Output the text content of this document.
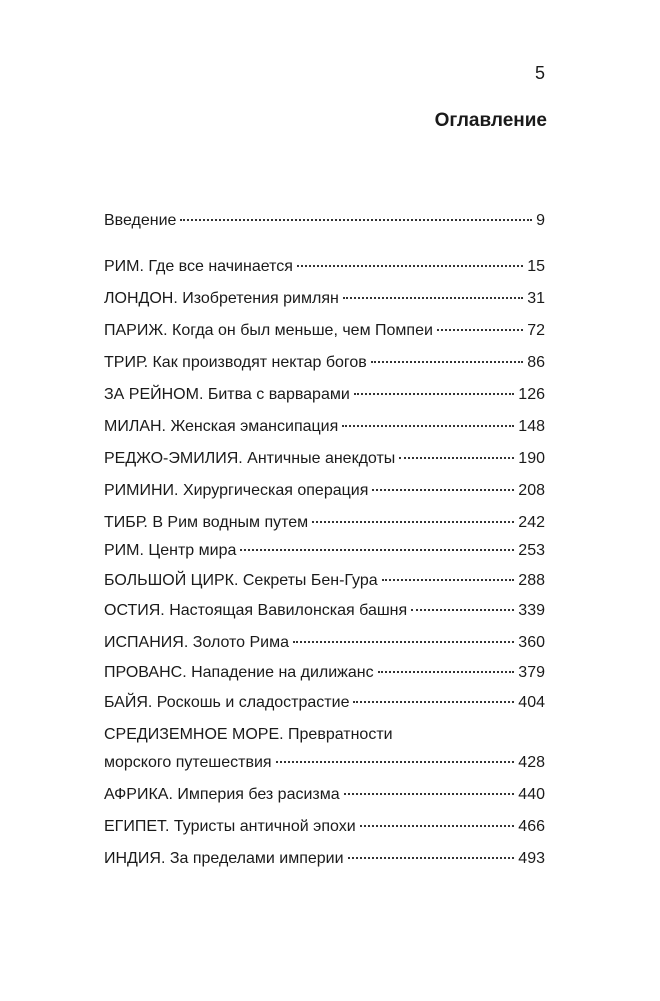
5
Оглавление
Введение	9
РИМ. Где все начинается	15
ЛОНДОН. Изобретения римлян	31
ПАРИЖ. Когда он был меньше, чем Помпеи	72
ТРИР. Как производят нектар богов	86
ЗА РЕЙНОМ. Битва с варварами	126
МИЛАН. Женская эмансипация	148
РЕДЖО-ЭМИЛИЯ. Античные анекдоты	190
РИМИНИ. Хирургическая операция	208
ТИБР. В Рим водным путем	242
РИМ. Центр мира	253
БОЛЬШОЙ ЦИРК. Секреты Бен-Гура	288
ОСТИЯ. Настоящая Вавилонская башня	339
ИСПАНИЯ. Золото Рима	360
ПРОВАНС. Нападение на дилижанс	379
БАЙЯ. Роскошь и сладострастие	404
СРЕДИЗЕМНОЕ МОРЕ. Превратности
морского путешествия	428
АФРИКА. Империя без расизма	440
ЕГИПЕТ. Туристы античной эпохи	466
ИНДИЯ. За пределами империи	493
